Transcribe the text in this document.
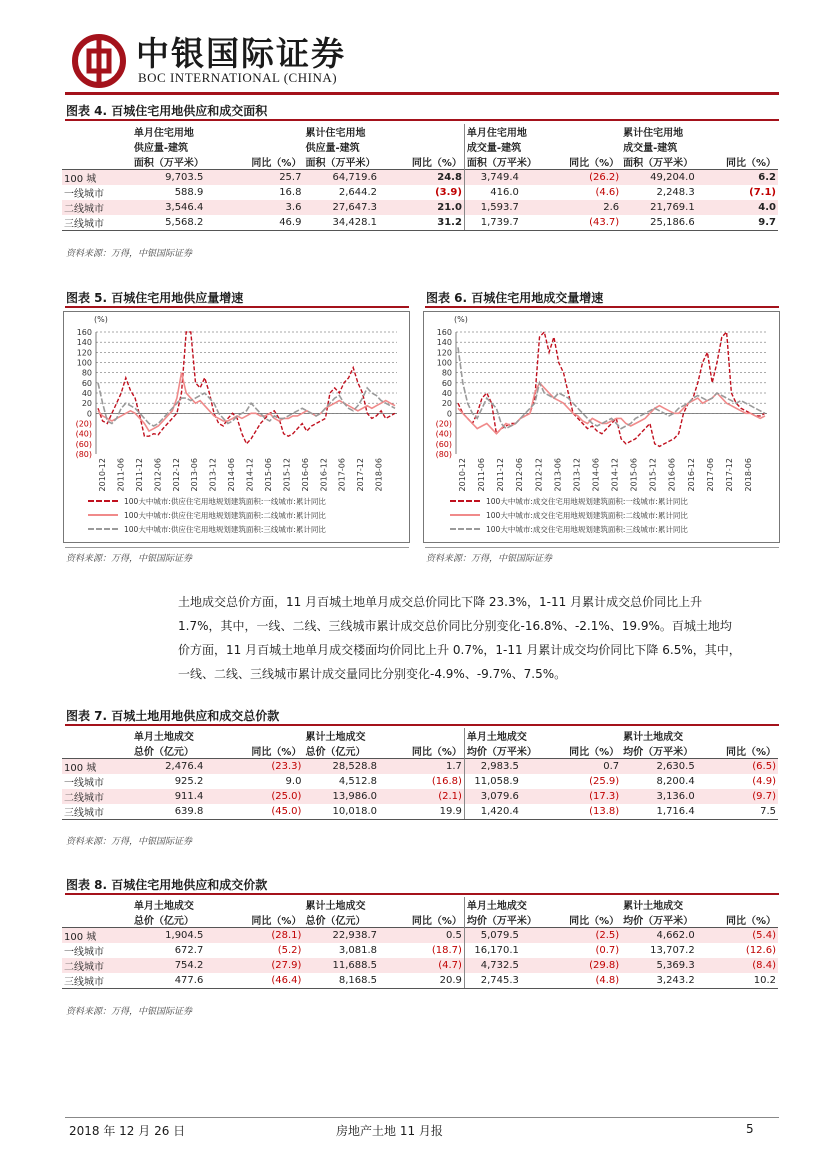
中银国际证券
BOC INTERNATIONAL (CHINA)
图表 4. 百城住宅用地供应和成交面积
	单月住宅用地		累计住宅用地		单月住宅用地		累计住宅用地	
	供应量-建筑		供应量-建筑		成交量-建筑		成交量-建筑	
	面积（万平米）	同比（%）	面积（万平米）	同比（%）	面积（万平米）	同比（%）	面积（万平米）	同比（%）
100 城	9,703.5	25.7	64,719.6	24.8	3,749.4	(26.2)	49,204.0	6.2
一线城市	588.9	16.8	2,644.2	(3.9)	416.0	(4.6)	2,248.3	(7.1)
二线城市	3,546.4	3.6	27,647.3	21.0	1,593.7	2.6	21,769.1	4.0
三线城市	5,568.2	46.9	34,428.1	31.2	1,739.7	(43.7)	25,186.6	9.7
资料来源：万得，中银国际证券
图表 5. 百城住宅用地供应量增速
(%)
160
140
120
100
80
60
40
20
0
(20)
(40)
(60)
(80)
2010-12 2011-06 2011-12 2012-06 2012-12 2013-06 2013-12 2014-06 2014-12 2015-06 2015-12 2016-06 2016-12 2017-06 2017-12 2018-06
100大中城市:供应住宅用地规划建筑面积:一线城市:累计同比
100大中城市:供应住宅用地规划建筑面积:二线城市:累计同比
100大中城市:供应住宅用地规划建筑面积:三线城市:累计同比
资料来源：万得，中银国际证券
图表 6. 百城住宅用地成交量增速
(%)
160
140
120
100
80
60
40
20
0
(20)
(40)
(60)
(80)
2010-12 2011-06 2011-12 2012-06 2012-12 2013-06 2013-12 2014-06 2014-12 2015-06 2015-12 2016-06 2016-12 2017-06 2017-12 2018-06
100大中城市:成交住宅用地规划建筑面积:一线城市:累计同比
100大中城市:成交住宅用地规划建筑面积:二线城市:累计同比
100大中城市:成交住宅用地规划建筑面积:三线城市:累计同比
资料来源：万得，中银国际证券
土地成交总价方面，11 月百城土地单月成交总价同比下降 23.3%，1-11 月累计成交总价同比上升
1.7%，其中，一线、二线、三线城市累计成交总价同比分别变化-16.8%、-2.1%、19.9%。百城土地均
价方面，11 月百城土地单月成交楼面均价同比上升 0.7%，1-11 月累计成交均价同比下降 6.5%，其中，
一线、二线、三线城市累计成交量同比分别变化-4.9%、-9.7%、7.5%。
图表 7. 百城土地用地供应和成交总价款
	单月土地成交		累计土地成交		单月土地成交		累计土地成交	
	总价（亿元）	同比（%）	总价（亿元）	同比（%）	均价（万平米）	同比（%）	均价（万平米）	同比（%）
100 城	2,476.4	(23.3)	28,528.8	1.7	2,983.5	0.7	2,630.5	(6.5)
一线城市	925.2	9.0	4,512.8	(16.8)	11,058.9	(25.9)	8,200.4	(4.9)
二线城市	911.4	(25.0)	13,986.0	(2.1)	3,079.6	(17.3)	3,136.0	(9.7)
三线城市	639.8	(45.0)	10,018.0	19.9	1,420.4	(13.8)	1,716.4	7.5
资料来源：万得，中银国际证券
图表 8. 百城住宅用地供应和成交价款
	单月土地成交		累计土地成交		单月土地成交		累计土地成交	
	总价（亿元）	同比（%）	总价（亿元）	同比（%）	均价（万平米）	同比（%）	均价（万平米）	同比（%）
100 城	1,904.5	(28.1)	22,938.7	0.5	5,079.5	(2.5)	4,662.0	(5.4)
一线城市	672.7	(5.2)	3,081.8	(18.7)	16,170.1	(0.7)	13,707.2	(12.6)
二线城市	754.2	(27.9)	11,688.5	(4.7)	4,732.5	(29.8)	5,369.3	(8.4)
三线城市	477.6	(46.4)	8,168.5	20.9	2,745.3	(4.8)	3,243.2	10.2
资料来源：万得，中银国际证券
2018 年 12 月 26 日	房地产土地 11 月报	5
